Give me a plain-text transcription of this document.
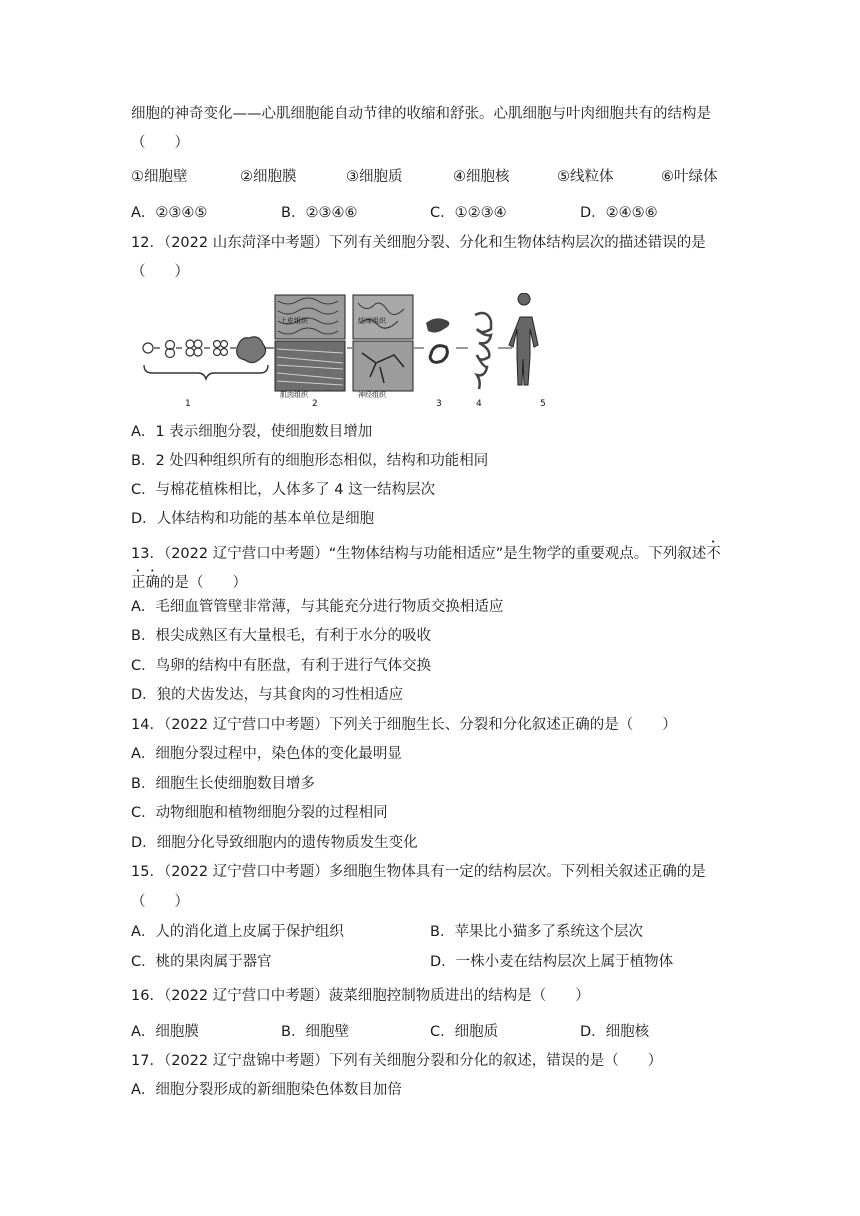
细胞的神奇变化——心肌细胞能自动节律的收缩和舒张。心肌细胞与叶肉细胞共有的结构是
（　　）
①细胞壁	②细胞膜	③细胞质	④细胞核	⑤线粒体	⑥叶绿体
A．②③④⑤	B．②③④⑥	C．①②③④	D．②④⑤⑥
12．（2022 山东菏泽中考题）下列有关细胞分裂、分化和生物体结构层次的描述错误的是
（　　）
上皮组织	结缔组织
肌肉组织	神经组织
1	2	3	4	5
A．1 表示细胞分裂，使细胞数目增加
B．2 处四种组织所有的细胞形态相似，结构和功能相同
C．与棉花植株相比，人体多了 4 这一结构层次
D．人体结构和功能的基本单位是细胞
13．（2022 辽宁营口中考题）“生物体结构与功能相适应”是生物学的重要观点。下列叙述不
正确的是（　　）
A．毛细血管管壁非常薄，与其能充分进行物质交换相适应
B．根尖成熟区有大量根毛，有利于水分的吸收
C．鸟卵的结构中有胚盘，有利于进行气体交换
D．狼的犬齿发达，与其食肉的习性相适应
14．（2022 辽宁营口中考题）下列关于细胞生长、分裂和分化叙述正确的是（　　）
A．细胞分裂过程中，染色体的变化最明显
B．细胞生长使细胞数目增多
C．动物细胞和植物细胞分裂的过程相同
D．细胞分化导致细胞内的遗传物质发生变化
15．（2022 辽宁营口中考题）多细胞生物体具有一定的结构层次。下列相关叙述正确的是
（　　）
A．人的消化道上皮属于保护组织	B．苹果比小猫多了系统这个层次
C．桃的果肉属于器官	D．一株小麦在结构层次上属于植物体
16．（2022 辽宁营口中考题）菠菜细胞控制物质进出的结构是（　　）
A．细胞膜	B．细胞壁	C．细胞质	D．细胞核
17．（2022 辽宁盘锦中考题）下列有关细胞分裂和分化的叙述，错误的是（　　）
A．细胞分裂形成的新细胞染色体数目加倍
